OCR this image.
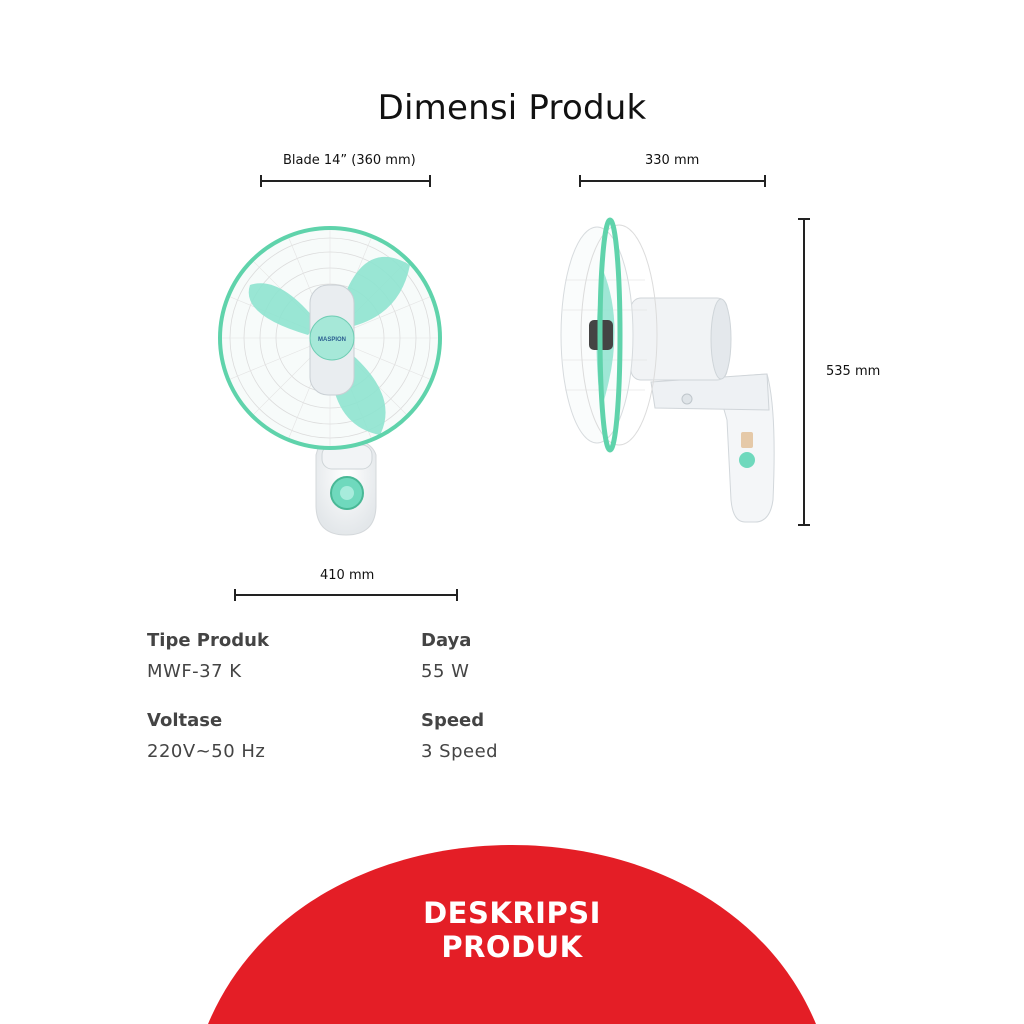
Dimensi Produk
Blade 14” (360 mm)	330 mm
535 mm
410 mm
MASPION
Tipe Produk
MWF-37 K
Daya
55 W
Voltase
220V~50 Hz
Speed
3 Speed
DESKRIPSI
PRODUK
